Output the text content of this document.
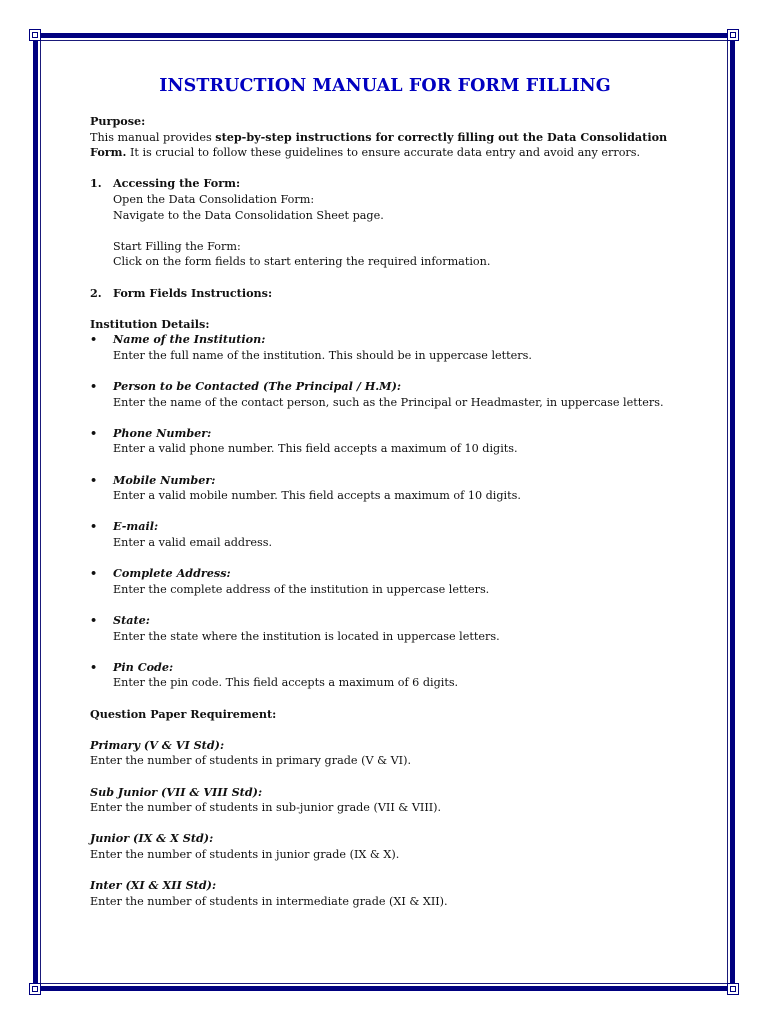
INSTRUCTION MANUAL FOR FORM FILLING

Purpose:

This manual provides step-by-step instructions for correctly filling out the Data Consolidation Form. It is crucial to follow these guidelines to ensure accurate data entry and avoid any errors.

1.	Accessing the Form:

Open the Data Consolidation Form:

Navigate to the Data Consolidation Sheet page.

Start Filling the Form:

Click on the form fields to start entering the required information.

2.	Form Fields Instructions:

Institution Details:

•	Name of the Institution:

Enter the full name of the institution. This should be in uppercase letters.

•	Person to be Contacted (The Principal / H.M):

Enter the name of the contact person, such as the Principal or Headmaster, in uppercase letters.

•	Phone Number:

Enter a valid phone number. This field accepts a maximum of 10 digits.

•	Mobile Number:

Enter a valid mobile number. This field accepts a maximum of 10 digits.

•	E-mail:

Enter a valid email address.

•	Complete Address:

Enter the complete address of the institution in uppercase letters.

•	State:

Enter the state where the institution is located in uppercase letters.

•	Pin Code:

Enter the pin code. This field accepts a maximum of 6 digits.

Question Paper Requirement:

Primary (V & VI Std):

Enter the number of students in primary grade (V & VI).

Sub Junior (VII & VIII Std):

Enter the number of students in sub-junior grade (VII & VIII).

Junior (IX & X Std):

Enter the number of students in junior grade (IX & X).

Inter (XI & XII Std):

Enter the number of students in intermediate grade (XI & XII).
